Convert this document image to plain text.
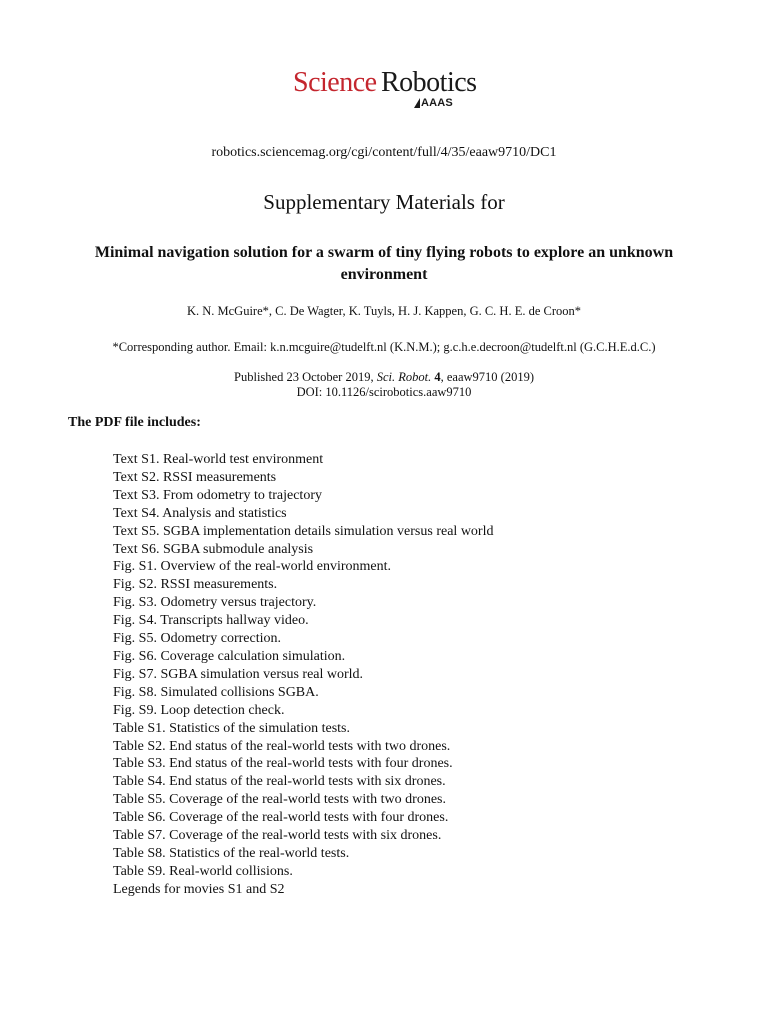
Science Robotics
AAAS
robotics.sciencemag.org/cgi/content/full/4/35/eaaw9710/DC1
Supplementary Materials for
Minimal navigation solution for a swarm of tiny flying robots to explore an unknown environment
K. N. McGuire*, C. De Wagter, K. Tuyls, H. J. Kappen, G. C. H. E. de Croon*
*Corresponding author. Email: k.n.mcguire@tudelft.nl (K.N.M.); g.c.h.e.decroon@tudelft.nl (G.C.H.E.d.C.)
Published 23 October 2019, Sci. Robot. 4, eaaw9710 (2019)
DOI: 10.1126/scirobotics.aaw9710
The PDF file includes:
Text S1. Real-world test environment
Text S2. RSSI measurements
Text S3. From odometry to trajectory
Text S4. Analysis and statistics
Text S5. SGBA implementation details simulation versus real world
Text S6. SGBA submodule analysis
Fig. S1. Overview of the real-world environment.
Fig. S2. RSSI measurements.
Fig. S3. Odometry versus trajectory.
Fig. S4. Transcripts hallway video.
Fig. S5. Odometry correction.
Fig. S6. Coverage calculation simulation.
Fig. S7. SGBA simulation versus real world.
Fig. S8. Simulated collisions SGBA.
Fig. S9. Loop detection check.
Table S1. Statistics of the simulation tests.
Table S2. End status of the real-world tests with two drones.
Table S3. End status of the real-world tests with four drones.
Table S4. End status of the real-world tests with six drones.
Table S5. Coverage of the real-world tests with two drones.
Table S6. Coverage of the real-world tests with four drones.
Table S7. Coverage of the real-world tests with six drones.
Table S8. Statistics of the real-world tests.
Table S9. Real-world collisions.
Legends for movies S1 and S2
